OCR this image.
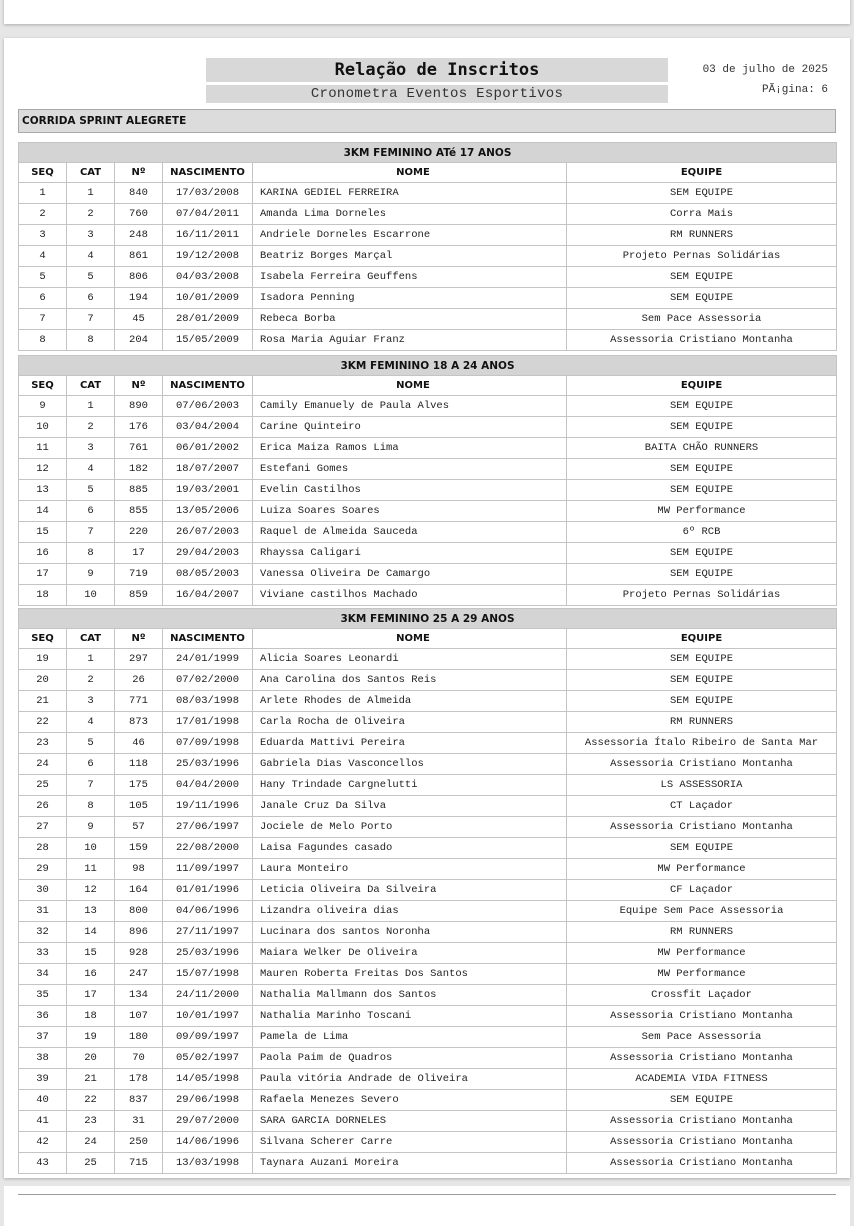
Relação de Inscritos
Cronometra Eventos Esportivos
03 de julho de 2025
PÃ¡gina: 6
CORRIDA SPRINT ALEGRETE
3KM FEMININO ATé 17 ANOS					
SEQ	CAT	Nº	NASCIMENTO	NOME	EQUIPE
1	1	840	17/03/2008	KARINA GEDIEL FERREIRA	SEM EQUIPE
2	2	760	07/04/2011	Amanda Lima Dorneles	Corra Mais
3	3	248	16/11/2011	Andriele Dorneles Escarrone	RM RUNNERS
4	4	861	19/12/2008	Beatriz Borges Marçal	Projeto Pernas Solidárias
5	5	806	04/03/2008	Isabela Ferreira Geuffens	SEM EQUIPE
6	6	194	10/01/2009	Isadora Penning	SEM EQUIPE
7	7	45	28/01/2009	Rebeca Borba	Sem Pace Assessoria
8	8	204	15/05/2009	Rosa Maria Aguiar Franz	Assessoria Cristiano Montanha
3KM FEMININO 18 A 24 ANOS					
SEQ	CAT	Nº	NASCIMENTO	NOME	EQUIPE
9	1	890	07/06/2003	Camily Emanuely de Paula Alves	SEM EQUIPE
10	2	176	03/04/2004	Carine Quinteiro	SEM EQUIPE
11	3	761	06/01/2002	Erica Maiza Ramos Lima	BAITA CHÃO RUNNERS
12	4	182	18/07/2007	Estefani Gomes	SEM EQUIPE
13	5	885	19/03/2001	Evelin Castilhos	SEM EQUIPE
14	6	855	13/05/2006	Luiza Soares Soares	MW Performance
15	7	220	26/07/2003	Raquel de Almeida Sauceda	6º RCB
16	8	17	29/04/2003	Rhayssa Caligari	SEM EQUIPE
17	9	719	08/05/2003	Vanessa Oliveira De Camargo	SEM EQUIPE
18	10	859	16/04/2007	Viviane castilhos Machado	Projeto Pernas Solidárias
3KM FEMININO 25 A 29 ANOS					
SEQ	CAT	Nº	NASCIMENTO	NOME	EQUIPE
19	1	297	24/01/1999	Alicia Soares Leonardi	SEM EQUIPE
20	2	26	07/02/2000	Ana Carolina dos Santos Reis	SEM EQUIPE
21	3	771	08/03/1998	Arlete Rhodes de Almeida	SEM EQUIPE
22	4	873	17/01/1998	Carla Rocha de Oliveira	RM RUNNERS
23	5	46	07/09/1998	Eduarda Mattivi Pereira	Assessoria Ítalo Ribeiro de Santa Mar
24	6	118	25/03/1996	Gabriela Dias Vasconcellos	Assessoria Cristiano Montanha
25	7	175	04/04/2000	Hany Trindade Cargnelutti	LS ASSESSORIA
26	8	105	19/11/1996	Janale Cruz Da Silva	CT Laçador
27	9	57	27/06/1997	Jociele de Melo Porto	Assessoria Cristiano Montanha
28	10	159	22/08/2000	Laisa Fagundes casado	SEM EQUIPE
29	11	98	11/09/1997	Laura Monteiro	MW Performance
30	12	164	01/01/1996	Leticia Oliveira Da Silveira	CF Laçador
31	13	800	04/06/1996	Lizandra oliveira dias	Equipe Sem Pace Assessoria
32	14	896	27/11/1997	Lucinara dos santos Noronha	RM RUNNERS
33	15	928	25/03/1996	Maiara Welker De Oliveira	MW Performance
34	16	247	15/07/1998	Mauren Roberta Freitas Dos Santos	MW Performance
35	17	134	24/11/2000	Nathalia Mallmann dos Santos	Crossfit Laçador
36	18	107	10/01/1997	Nathalia Marinho Toscani	Assessoria Cristiano Montanha
37	19	180	09/09/1997	Pamela de Lima	Sem Pace Assessoria
38	20	70	05/02/1997	Paola Paim de Quadros	Assessoria Cristiano Montanha
39	21	178	14/05/1998	Paula vitória Andrade de Oliveira	ACADEMIA VIDA FITNESS
40	22	837	29/06/1998	Rafaela Menezes Severo	SEM EQUIPE
41	23	31	29/07/2000	SARA GARCIA DORNELES	Assessoria Cristiano Montanha
42	24	250	14/06/1996	Silvana Scherer Carre	Assessoria Cristiano Montanha
43	25	715	13/03/1998	Taynara Auzani Moreira	Assessoria Cristiano Montanha
